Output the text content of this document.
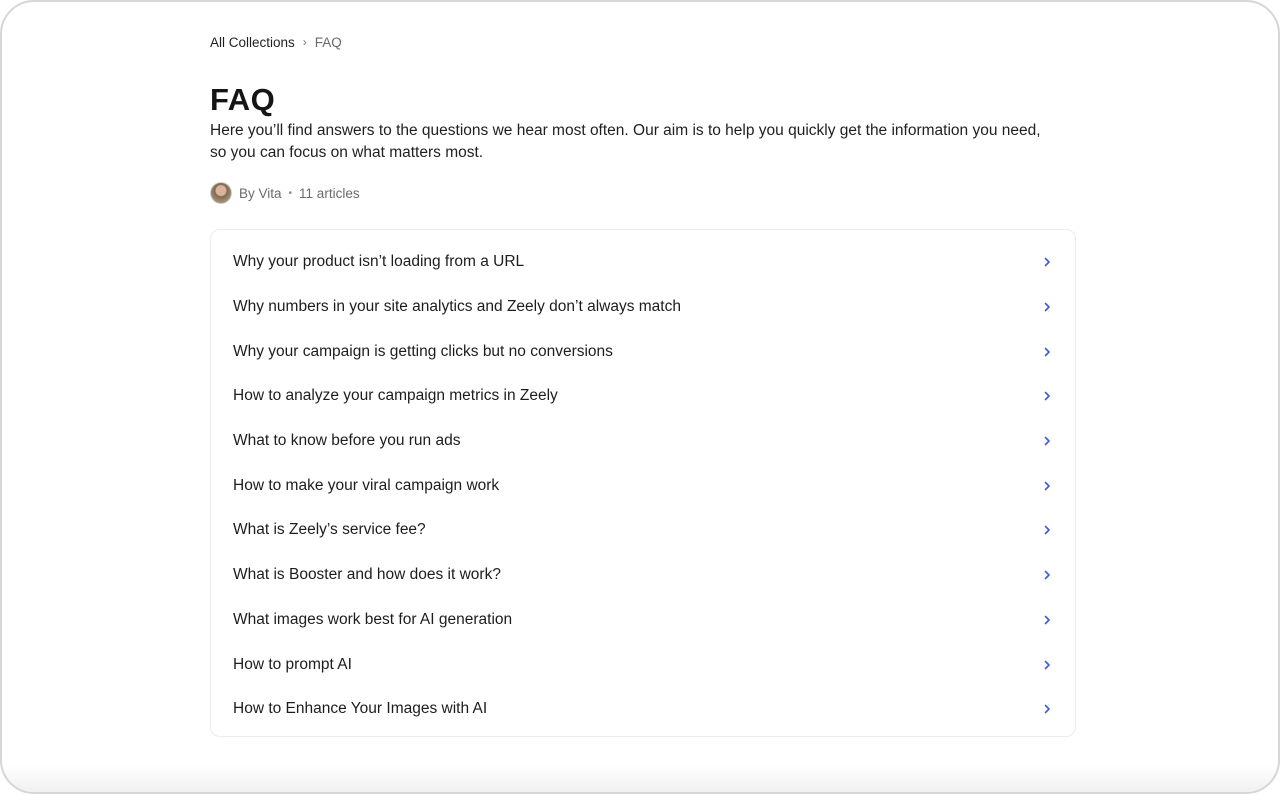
All Collections › FAQ
FAQ

Here you’ll find answers to the questions we hear most often. Our aim is to help you quickly get the information you need, so you can focus on what matters most.

By Vita • 11 articles
Why your product isn’t loading from a URL
Why numbers in your site analytics and Zeely don’t always match
Why your campaign is getting clicks but no conversions
How to analyze your campaign metrics in Zeely
What to know before you run ads
How to make your viral campaign work
What is Zeely’s service fee?
What is Booster and how does it work?
What images work best for AI generation
How to prompt AI
How to Enhance Your Images with AI
